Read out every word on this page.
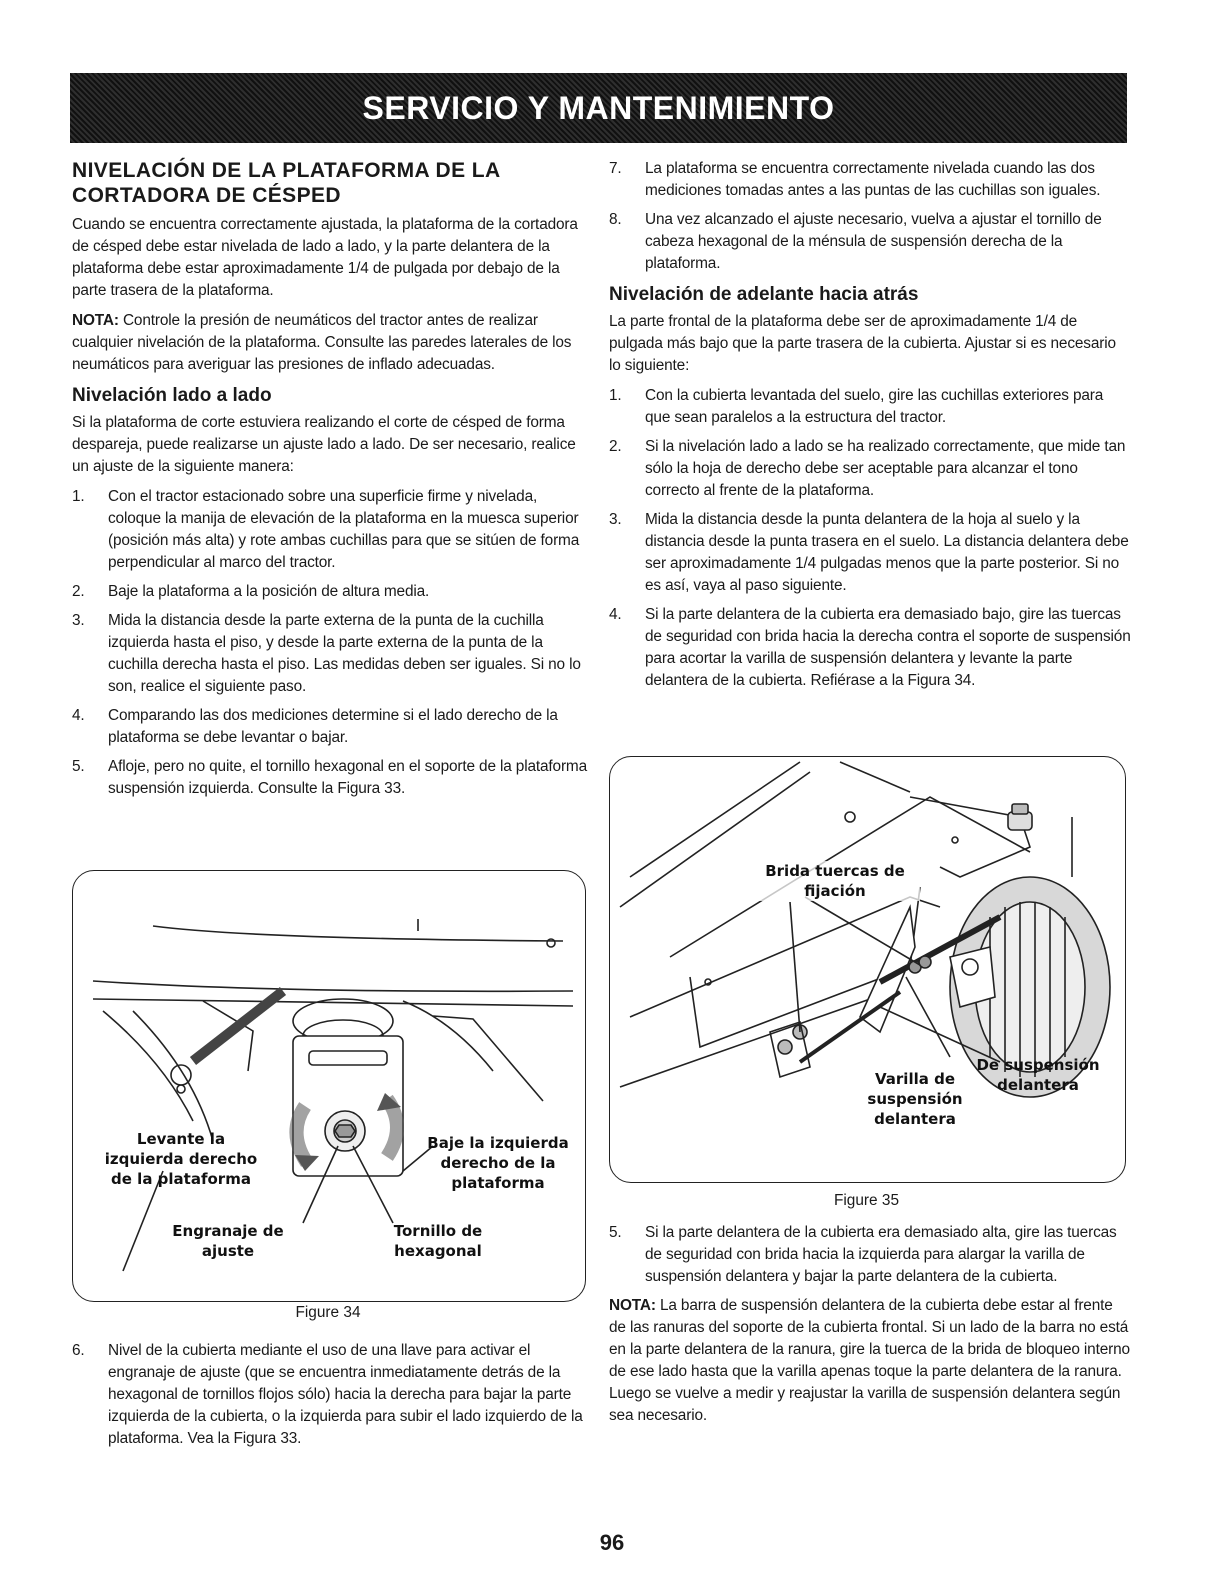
SERVICIO Y MANTENIMIENTO
NIVELACIÓN DE LA PLATAFORMA DE LA
CORTADORA DE CÉSPED

Cuando se encuentra correctamente ajustada, la plataforma de la cortadora de césped debe estar nivelada de lado a lado, y la parte delantera de la plataforma debe estar aproximadamente 1/4 de pulgada por debajo de la parte trasera de la plataforma.

NOTA: Controle la presión de neumáticos del tractor antes de realizar cualquier nivelación de la plataforma. Consulte las paredes laterales de los neumáticos para averiguar las presiones de inflado adecuadas.

Nivelación lado a lado

Si la plataforma de corte estuviera realizando el corte de césped de forma despareja, puede realizarse un ajuste lado a lado. De ser necesario, realice un ajuste de la siguiente manera:

1. Con el tractor estacionado sobre una superficie firme y nivelada, coloque la manija de elevación de la plataforma en la muesca superior (posición más alta) y rote ambas cuchillas para que se sitúen de forma perpendicular al marco del tractor.
2. Baje la plataforma a la posición de altura media.
3. Mida la distancia desde la parte externa de la punta de la cuchilla izquierda hasta el piso, y desde la parte externa de la punta de la cuchilla derecha hasta el piso. Las medidas deben ser iguales. Si no lo son, realice el siguiente paso.
4. Comparando las dos mediciones determine si el lado derecho de la plataforma se debe levantar o bajar.
5. Afloje, pero no quite, el tornillo hexagonal en el soporte de la plataforma suspensión izquierda. Consulte la Figura 33.
Levante la izquierda derecho de la plataforma
Baje la izquierda derecho de la plataforma
Engranaje de ajuste
Tornillo de hexagonal
Figure 34
6. Nivel de la cubierta mediante el uso de una llave para activar el engranaje de ajuste (que se encuentra inmediatamente detrás de la hexagonal de tornillos flojos sólo) hacia la derecha para bajar la parte izquierda de la cubierta, o la izquierda para subir el lado izquierdo de la plataforma. Vea la Figura 33.
7. La plataforma se encuentra correctamente nivelada cuando las dos mediciones tomadas antes a las puntas de las cuchillas son iguales.
8. Una vez alcanzado el ajuste necesario, vuelva a ajustar el tornillo de cabeza hexagonal de la ménsula de suspensión derecha de la plataforma.
Nivelación de adelante hacia atrás

La parte frontal de la plataforma debe ser de aproximadamente 1/4 de pulgada más bajo que la parte trasera de la cubierta. Ajustar si es necesario lo siguiente:

1. Con la cubierta levantada del suelo, gire las cuchillas exteriores para que sean paralelos a la estructura del tractor.
2. Si la nivelación lado a lado se ha realizado correctamente, que mide tan sólo la hoja de derecho debe ser aceptable para alcanzar el tono correcto al frente de la plataforma.
3. Mida la distancia desde la punta delantera de la hoja al suelo y la distancia desde la punta trasera en el suelo. La distancia delantera debe ser aproximadamente 1/4 pulgadas menos que la parte posterior. Si no es así, vaya al paso siguiente.
4. Si la parte delantera de la cubierta era demasiado bajo, gire las tuercas de seguridad con brida hacia la derecha contra el soporte de suspensión para acortar la varilla de suspensión delantera y levante la parte delantera de la cubierta. Refiérase a la Figura 34.
Brida tuercas de fijación
De suspensión delantera
Varilla de suspensión delantera
Figure 35
5. Si la parte delantera de la cubierta era demasiado alta, gire las tuercas de seguridad con brida hacia la izquierda para alargar la varilla de suspensión delantera y bajar la parte delantera de la cubierta.

NOTA: La barra de suspensión delantera de la cubierta debe estar al frente de las ranuras del soporte de la cubierta frontal. Si un lado de la barra no está en la parte delantera de la ranura, gire la tuerca de la brida de bloqueo interno de ese lado hasta que la varilla apenas toque la parte delantera de la ranura. Luego se vuelve a medir y reajustar la varilla de suspensión delantera según sea necesario.

96
